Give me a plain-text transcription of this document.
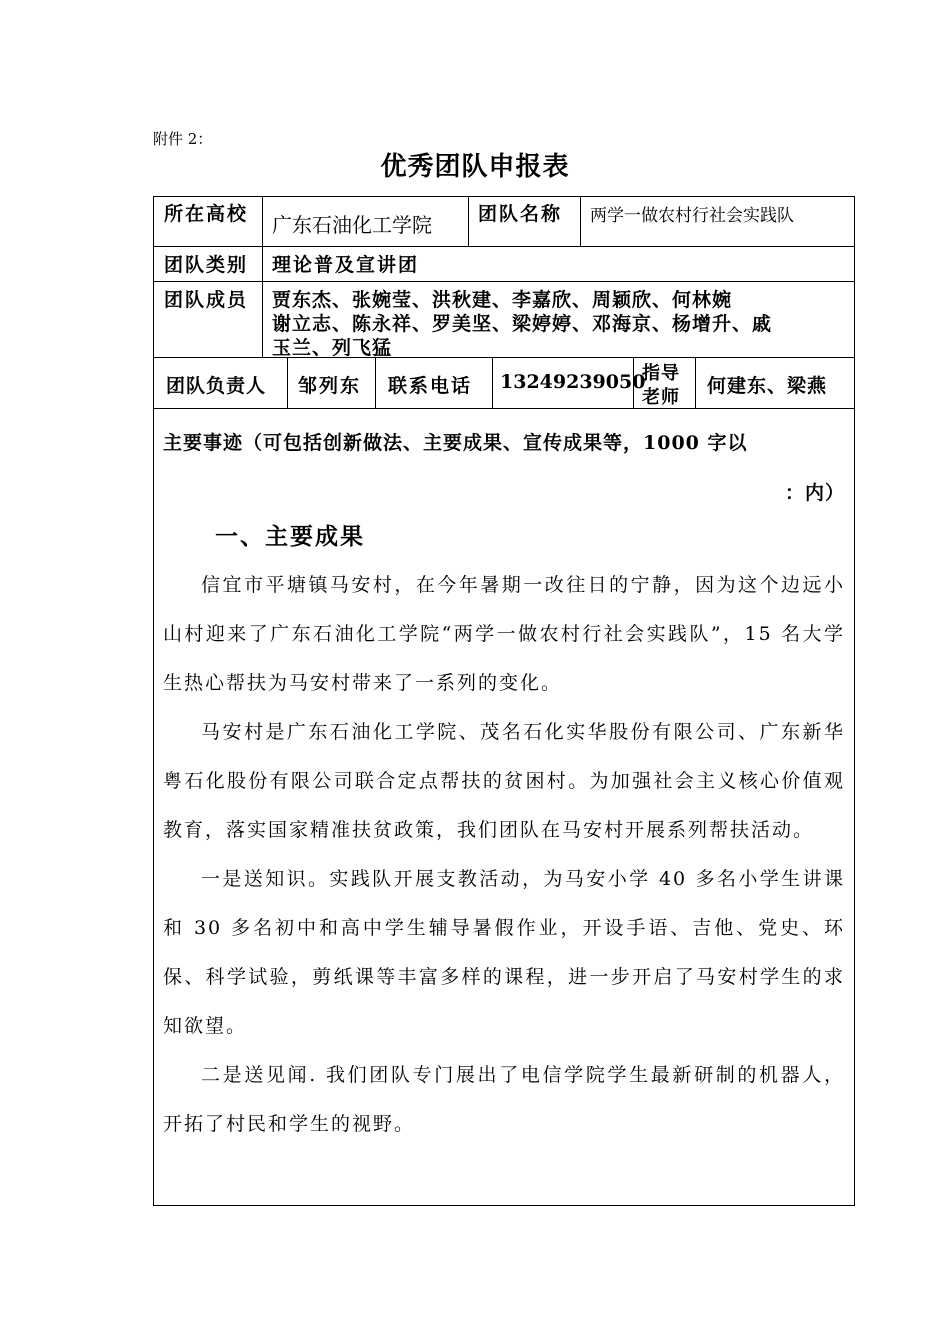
附件 2：
优秀团队申报表
所在高校 广东石油化工学院 团队名称 两学一做农村行社会实践队
团队类别 理论普及宣讲团
团队成员 贾东杰、张婉莹、洪秋建、李嘉欣、周颖欣、何林婉
谢立志、陈永祥、罗美坚、梁婷婷、邓海京、杨增升、戚
玉兰、列飞猛
团队负责人 邹列东 联系电话 13249239050
指导
老师
何建东、梁燕
主要事迹（可包括创新做法、主要成果、宣传成果等，1000 字以
：内）
一、主要成果

信宜市平塘镇马安村，在今年暑期一改往日的宁静，因为这个边远小山村迎来了广东石油化工学院“两学一做农村行社会实践队”，15 名大学生热心帮扶为马安村带来了一系列的变化。

马安村是广东石油化工学院、茂名石化实华股份有限公司、广东新华粤石化股份有限公司联合定点帮扶的贫困村。为加强社会主义核心价值观教育，落实国家精准扶贫政策，我们团队在马安村开展系列帮扶活动。

一是送知识。实践队开展支教活动，为马安小学 40 多名小学生讲课和 30 多名初中和高中学生辅导暑假作业，开设手语、吉他、党史、环保、科学试验，剪纸课等丰富多样的课程，进一步开启了马安村学生的求知欲望。

二是送见闻. 我们团队专门展出了电信学院学生最新研制的机器人，开拓了村民和学生的视野。
